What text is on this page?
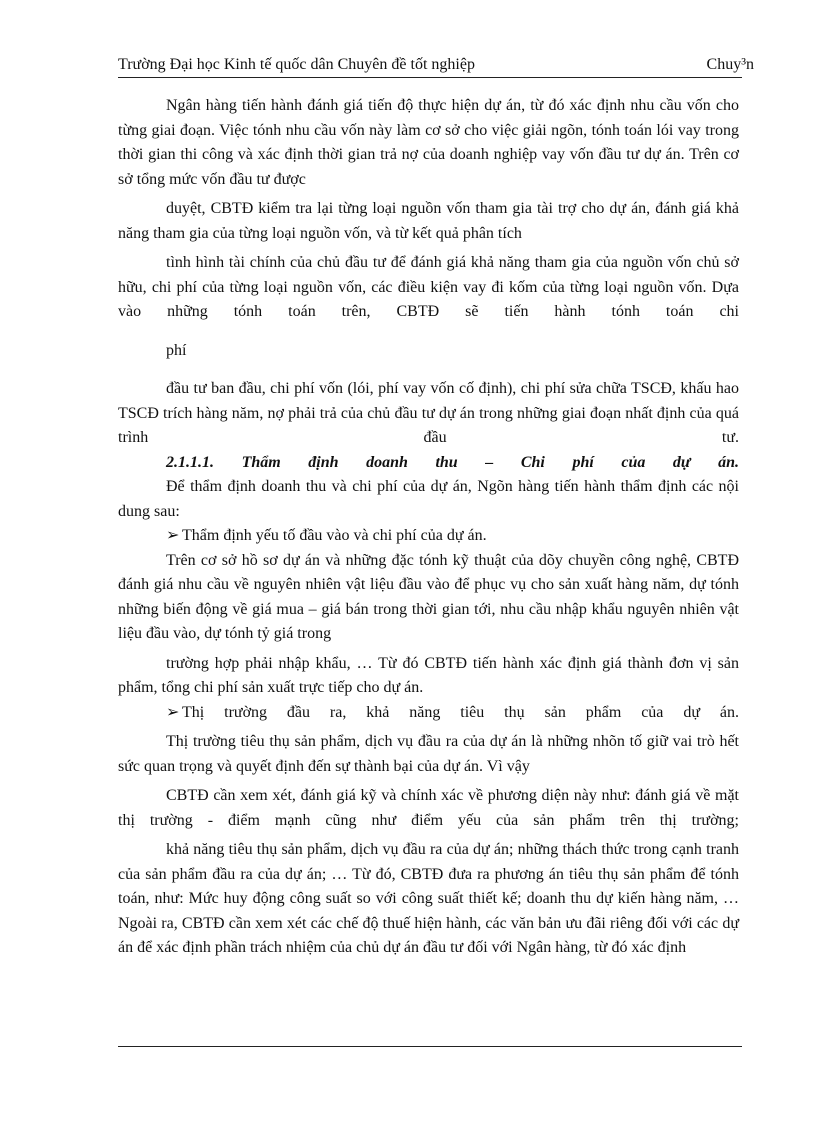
Trường Đại học Kinh tế quốc dân Chuyên đề tốt nghiệp	Chuy³n

Ngân hàng tiến hành đánh giá tiến độ thực hiện dự án, từ đó xác định nhu cầu vốn cho từng giai đoạn. Việc tónh nhu cầu vốn này làm cơ sở cho việc giải ngõn, tónh toán lói vay trong thời gian thi công và xác định thời gian trả nợ của doanh nghiệp vay vốn đầu tư dự án. Trên cơ sở tổng mức vốn đầu tư được

duyệt, CBTĐ kiểm tra lại từng loại nguồn vốn tham gia tài trợ cho dự án, đánh giá khả năng tham gia của từng loại nguồn vốn, và từ kết quả phân tích

tình hình tài chính của chủ đầu tư để đánh giá khả năng tham gia của nguồn vốn chủ sở hữu, chi phí của từng loại nguồn vốn, các điều kiện vay đi kốm của từng loại nguồn vốn. Dựa vào những tónh toán trên, CBTĐ sẽ tiến hành tónh toán chi

phí

đầu tư ban đầu, chi phí vốn (lói, phí vay vốn cố định), chi phí sửa chữa TSCĐ, khấu hao TSCĐ trích hàng năm, nợ phải trả của chủ đầu tư dự án trong những giai đoạn nhất định của quá trình đầu tư.

2.1.1.1. Thẩm định doanh thu – Chi phí của dự án.

Để thẩm định doanh thu và chi phí của dự án, Ngõn hàng tiến hành thẩm định các nội dung sau:

➢ Thẩm định yếu tố đầu vào và chi phí của dự án.

Trên cơ sở hồ sơ dự án và những đặc tónh kỹ thuật của dõy chuyền công nghệ, CBTĐ đánh giá nhu cầu về nguyên nhiên vật liệu đầu vào để phục vụ cho sản xuất hàng năm, dự tónh những biến động về giá mua – giá bán trong thời gian tới, nhu cầu nhập khẩu nguyên nhiên vật liệu đầu vào, dự tónh tỷ giá trong

trường hợp phải nhập khẩu, … Từ đó CBTĐ tiến hành xác định giá thành đơn vị sản phẩm, tổng chi phí sản xuất trực tiếp cho dự án.

➢ Thị trường đầu ra, khả năng tiêu thụ sản phẩm của dự án.

Thị trường tiêu thụ sản phẩm, dịch vụ đầu ra của dự án là những nhõn tố giữ vai trò hết sức quan trọng và quyết định đến sự thành bại của dự án. Vì vậy

CBTĐ cần xem xét, đánh giá kỹ và chính xác về phương diện này như: đánh giá về mặt thị trường - điểm mạnh cũng như điểm yếu của sản phẩm trên thị trường;

khả năng tiêu thụ sản phẩm, dịch vụ đầu ra của dự án; những thách thức trong cạnh tranh của sản phẩm đầu ra của dự án; … Từ đó, CBTĐ đưa ra phương án tiêu thụ sản phẩm để tónh toán, như: Mức huy động công suất so với công suất thiết kế; doanh thu dự kiến hàng năm, … Ngoài ra, CBTĐ cần xem xét các chế độ thuế hiện hành, các văn bản ưu đãi riêng đối với các dự án để xác định phần trách nhiệm của chủ dự án đầu tư đối với Ngân hàng, từ đó xác định
